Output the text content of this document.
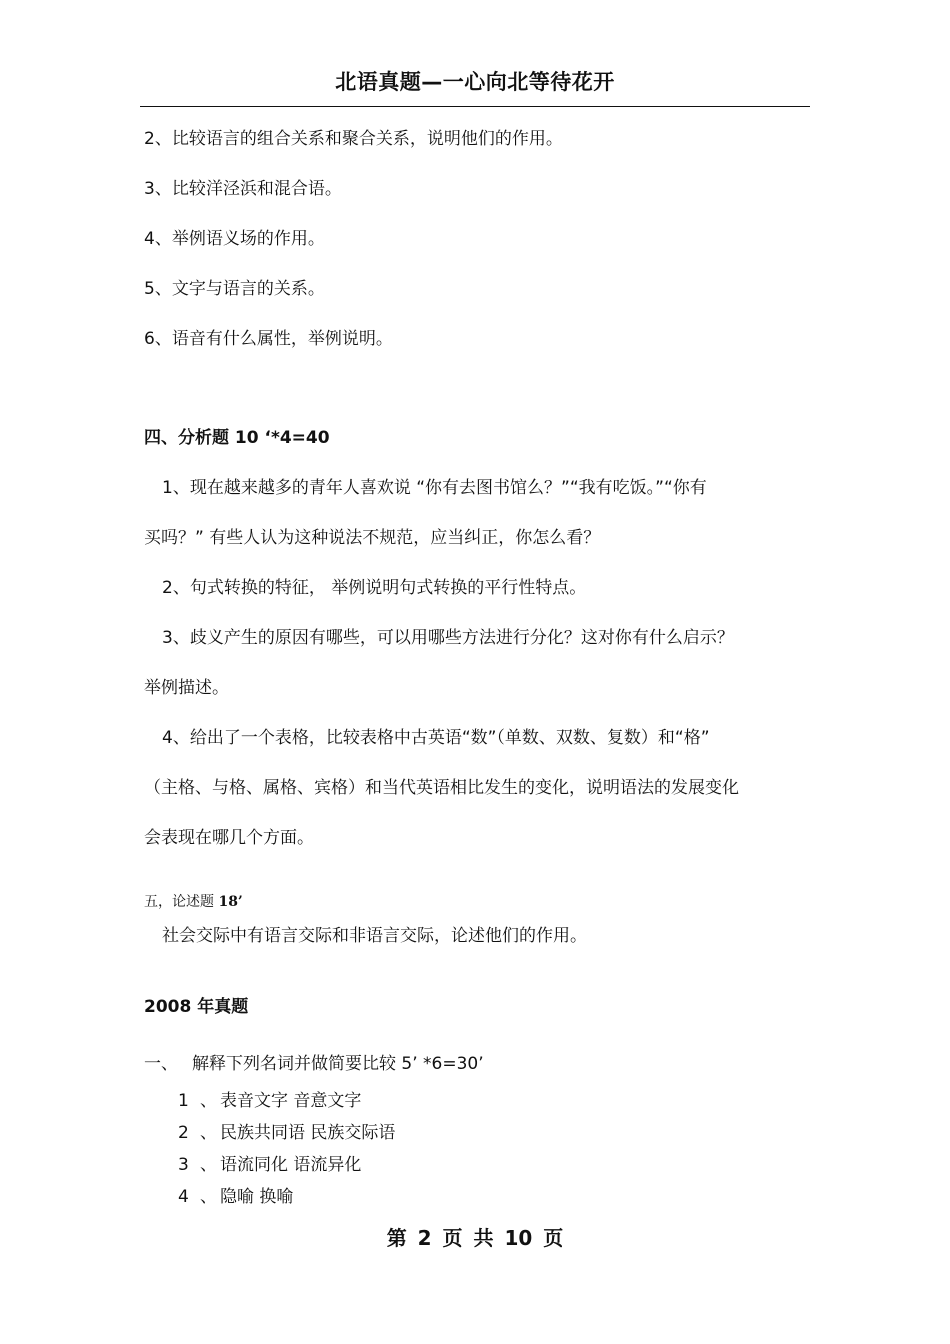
北语真题—一心向北等待花开
2、比较语言的组合关系和聚合关系，说明他们的作用。
3、比较洋泾浜和混合语。
4、举例语义场的作用。
5、文字与语言的关系。
6、语音有什么属性，举例说明。
四、分析题 10 ‘*4=40
1、现在越来越多的青年人喜欢说 “你有去图书馆么？”“我有吃饭。”“你有
买吗？” 有些人认为这种说法不规范，应当纠正，你怎么看？
2、句式转换的特征， 举例说明句式转换的平行性特点。
3、歧义产生的原因有哪些，可以用哪些方法进行分化？这对你有什么启示？
举例描述。
4、给出了一个表格，比较表格中古英语“数”（单数、双数、复数）和“格”
（主格、与格、属格、宾格）和当代英语相比发生的变化，说明语法的发展变化
会表现在哪几个方面。
五，论述题 18’
社会交际中有语言交际和非语言交际，论述他们的作用。
2008 年真题
一、 解释下列名词并做简要比较 5’ *6=30’
1 、 表音文字 音意文字
2 、 民族共同语 民族交际语
3 、 语流同化 语流异化
4 、 隐喻 换喻
第 2 页 共 10 页
